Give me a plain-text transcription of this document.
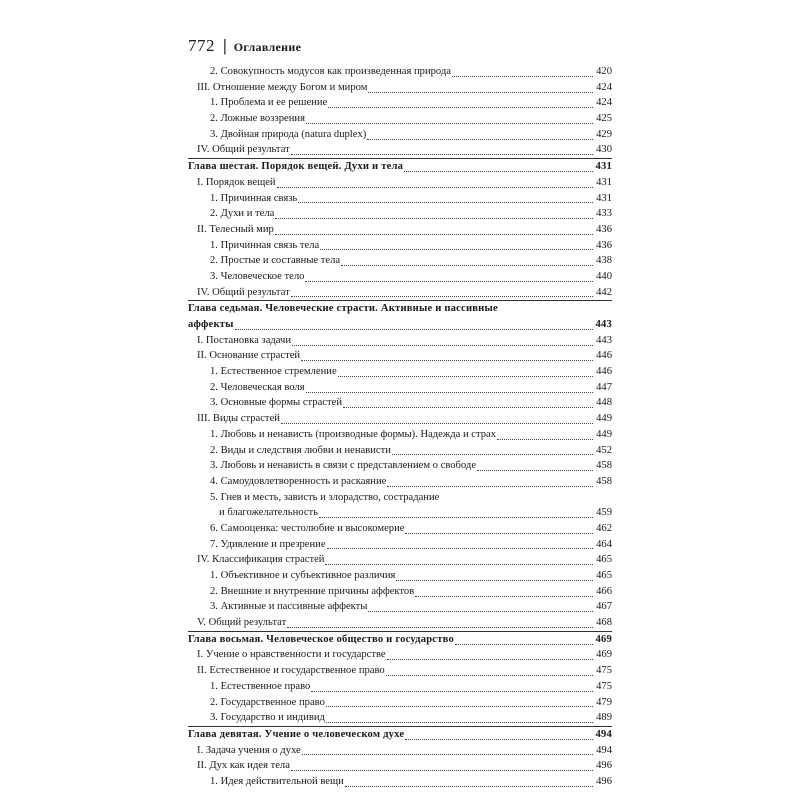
772 | Оглавление
2. Совокупность модусов как произведенная природа	420
III. Отношение между Богом и миром	424
1. Проблема и ее решение	424
2. Ложные воззрения	425
3. Двойная природа (natura duplex)	429
IV. Общий результат	430
Глава шестая. Порядок вещей. Духи и тела	431
I. Порядок вещей	431
1. Причинная связь	431
2. Духи и тела	433
II. Телесный мир	436
1. Причинная связь тела	436
2. Простые и составные тела	438
3. Человеческое тело	440
IV. Общий результат	442
Глава седьмая. Человеческие страсти. Активные и пассивные
аффекты	443
I. Постановка задачи	443
II. Основание страстей	446
1. Естественное стремление	446
2. Человеческая воля	447
3. Основные формы страстей	448
III. Виды страстей	449
1. Любовь и ненависть (производные формы). Надежда и страх	449
2. Виды и следствия любви и ненависти	452
3. Любовь и ненависть в связи с представлением о свободе	458
4. Самоудовлетворенность и раскаяние	458
5. Гнев и месть, зависть и злорадство, сострадание
и благожелательность	459
6. Самооценка: честолюбие и высокомерие	462
7. Удивление и презрение	464
IV. Классификация страстей	465
1. Объективное и субъективное различия	465
2. Внешние и внутренние причины аффектов	466
3. Активные и пассивные аффекты	467
V. Общий результат	468
Глава восьмая. Человеческое общество и государство	469
I. Учение о нравственности и государстве	469
II. Естественное и государственное право	475
1. Естественное право	475
2. Государственное право	479
3. Государство и индивид	489
Глава девятая. Учение о человеческом духе	494
I. Задача учения о духе	494
II. Дух как идея тела	496
1. Идея действительной вещи	496
